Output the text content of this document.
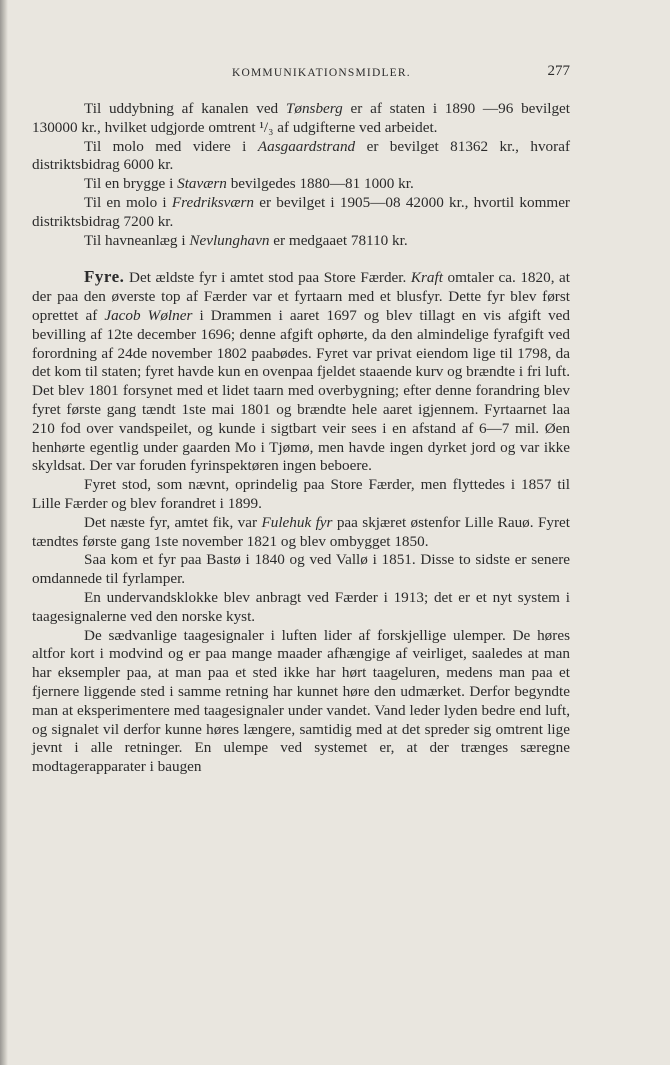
KOMMUNIKATIONSMIDLER.	277

Til uddybning af kanalen ved Tønsberg er af staten i 1890 —96 bevilget 130000 kr., hvilket udgjorde omtrent ¹/₃ af udgifterne ved arbeidet.

Til molo med videre i Aasgaardstrand er bevilget 81362 kr., hvoraf distriktsbidrag 6000 kr.

Til en brygge i Staværn bevilgedes 1880—81 1000 kr.

Til en molo i Fredriksværn er bevilget i 1905—08 42000 kr., hvortil kommer distriktsbidrag 7200 kr.

Til havneanlæg i Nevlunghavn er medgaaet 78110 kr.

Fyre. Det ældste fyr i amtet stod paa Store Færder. Kraft omtaler ca. 1820, at der paa den øverste top af Færder var et fyrtaarn med et blusfyr. Dette fyr blev først oprettet af Jacob Wølner i Drammen i aaret 1697 og blev tillagt en vis afgift ved bevilling af 12te december 1696; denne afgift ophørte, da den almindelige fyrafgift ved forordning af 24de november 1802 paabødes. Fyret var privat eiendom lige til 1798, da det kom til staten; fyret havde kun en ovenpaa fjeldet staaende kurv og brændte i fri luft. Det blev 1801 forsynet med et lidet taarn med overbygning; efter denne forandring blev fyret første gang tændt 1ste mai 1801 og brændte hele aaret igjennem. Fyrtaarnet laa 210 fod over vandspeilet, og kunde i sigtbart veir sees i en afstand af 6—7 mil. Øen henhørte egentlig under gaarden Mo i Tjømø, men havde ingen dyrket jord og var ikke skyldsat. Der var foruden fyrinspektøren ingen beboere.

Fyret stod, som nævnt, oprindelig paa Store Færder, men flyttedes i 1857 til Lille Færder og blev forandret i 1899.

Det næste fyr, amtet fik, var Fulehuk fyr paa skjæret østenfor Lille Rauø. Fyret tændtes første gang 1ste november 1821 og blev ombygget 1850.

Saa kom et fyr paa Bastø i 1840 og ved Vallø i 1851. Disse to sidste er senere omdannede til fyrlamper.

En undervandsklokke blev anbragt ved Færder i 1913; det er et nyt system i taagesignalerne ved den norske kyst.

De sædvanlige taagesignaler i luften lider af forskjellige ulemper. De høres altfor kort i modvind og er paa mange maader afhængige af veirliget, saaledes at man har eksempler paa, at man paa et sted ikke har hørt taageluren, medens man paa et fjernere liggende sted i samme retning har kunnet høre den udmærket. Derfor begyndte man at eksperimentere med taagesignaler under vandet. Vand leder lyden bedre end luft, og signalet vil derfor kunne høres længere, samtidig med at det spreder sig omtrent lige jevnt i alle retninger. En ulempe ved systemet er, at der trænges særegne modtagerapparater i baugen
